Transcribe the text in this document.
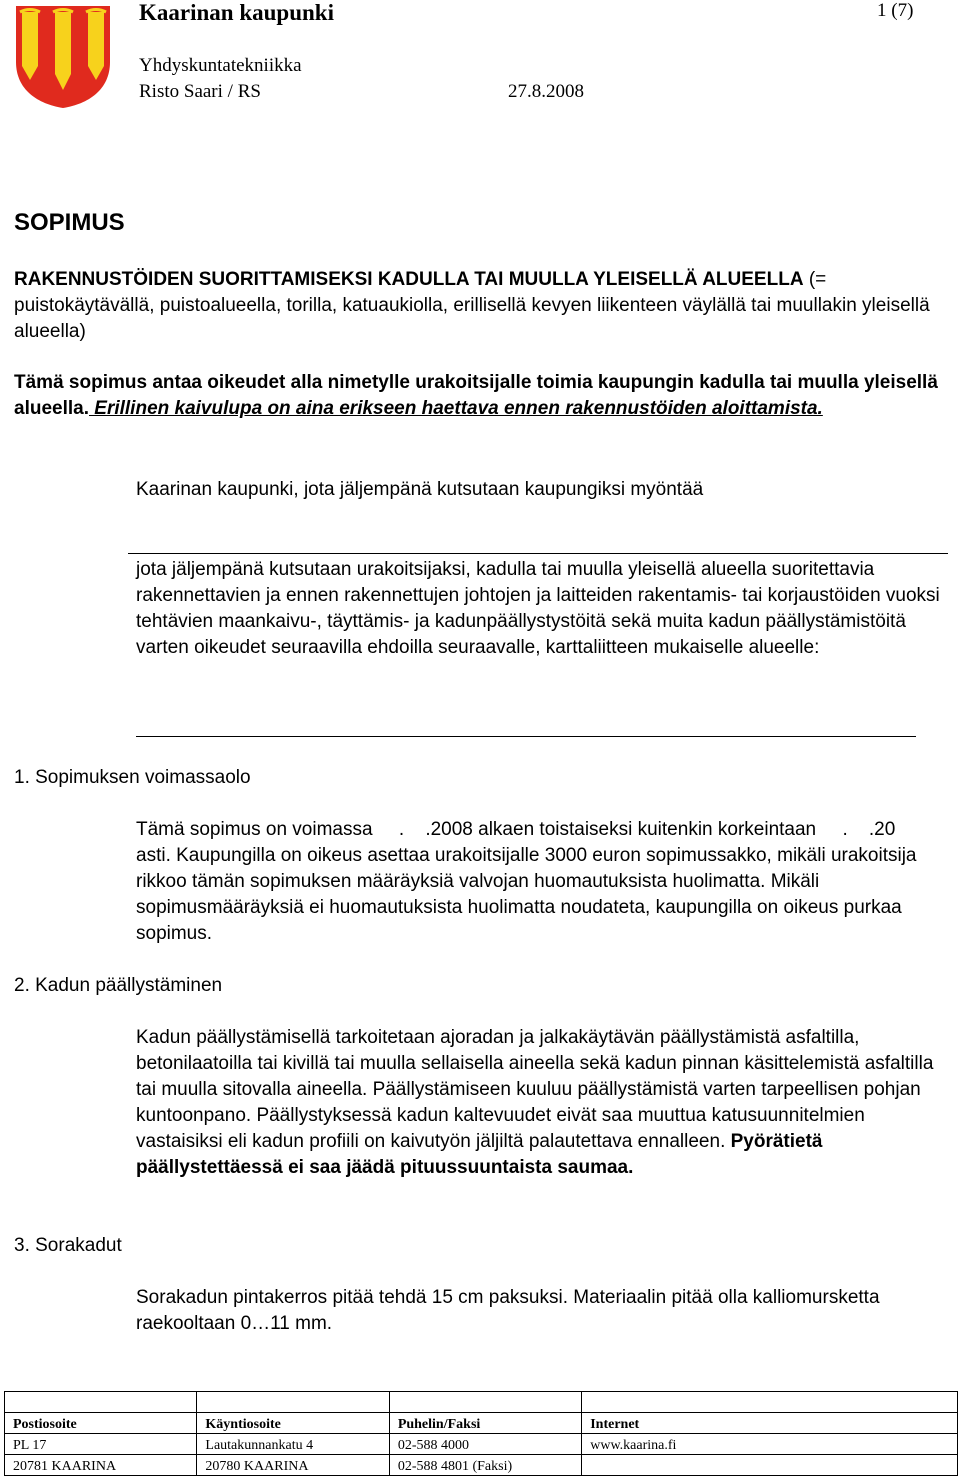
Kaarinan kaupunki	1 (7)
Yhdyskuntatekniikka
Risto Saari / RS	27.8.2008
SOPIMUS
RAKENNUSTÖIDEN SUORITTAMISEKSI KADULLA TAI MUULLA YLEISELLÄ ALUEELLA (= puistokäytävällä, puistoalueella, torilla, katuaukiolla, erillisellä kevyen liikenteen väylällä tai muullakin yleisellä alueella)
Tämä sopimus antaa oikeudet alla nimetylle urakoitsijalle toimia kaupungin kadulla tai muulla yleisellä alueella. Erillinen kaivulupa on aina erikseen haettava ennen rakennustöiden aloittamista.
Kaarinan kaupunki, jota jäljempänä kutsutaan kaupungiksi myöntää
jota jäljempänä kutsutaan urakoitsijaksi, kadulla tai muulla yleisellä alueella suoritettavia rakennettavien ja ennen rakennettujen johtojen ja laitteiden rakentamis- tai korjaustöiden vuoksi tehtävien maankaivu-, täyttämis- ja kadunpäällystystöitä sekä muita kadun päällystämistöitä varten oikeudet seuraavilla ehdoilla seuraavalle, karttaliitteen mukaiselle alueelle:
1. Sopimuksen voimassaolo
Tämä sopimus on voimassa     .    .2008 alkaen toistaiseksi kuitenkin korkeintaan     .    .20     asti. Kaupungilla on oikeus asettaa urakoitsijalle 3000 euron sopimussakko, mikäli urakoitsija rikkoo tämän sopimuksen määräyksiä valvojan huomautuksista huolimatta. Mikäli sopimusmääräyksiä ei huomautuksista huolimatta noudateta, kaupungilla on oikeus purkaa sopimus.
2. Kadun päällystäminen
Kadun päällystämisellä tarkoitetaan ajoradan ja jalkakäytävän päällystämistä asfaltilla, betonilaatoilla tai kivillä tai muulla sellaisella aineella sekä kadun pinnan käsittelemistä asfaltilla tai muulla sitovalla aineella. Päällystämiseen kuuluu päällystämistä varten tarpeellisen pohjan kuntoonpano. Päällystyksessä kadun kaltevuudet eivät saa muuttua katusuunnitelmien vastaisiksi eli kadun profiili on kaivutyön jäljiltä palautettava ennalleen. Pyörätietä päällystettäessä ei saa jäädä pituussuuntaista saumaa.
3. Sorakadut
Sorakadun pintakerros pitää tehdä 15 cm paksuksi. Materiaalin pitää olla kalliomursketta raekooltaan 0…11 mm.

Postiosoite	Käyntiosoite	Puhelin/Faksi	Internet
PL 17	Lautakunnankatu 4	02-588 4000	www.kaarina.fi
20781 KAARINA	20780 KAARINA	02-588 4801 (Faksi)	
